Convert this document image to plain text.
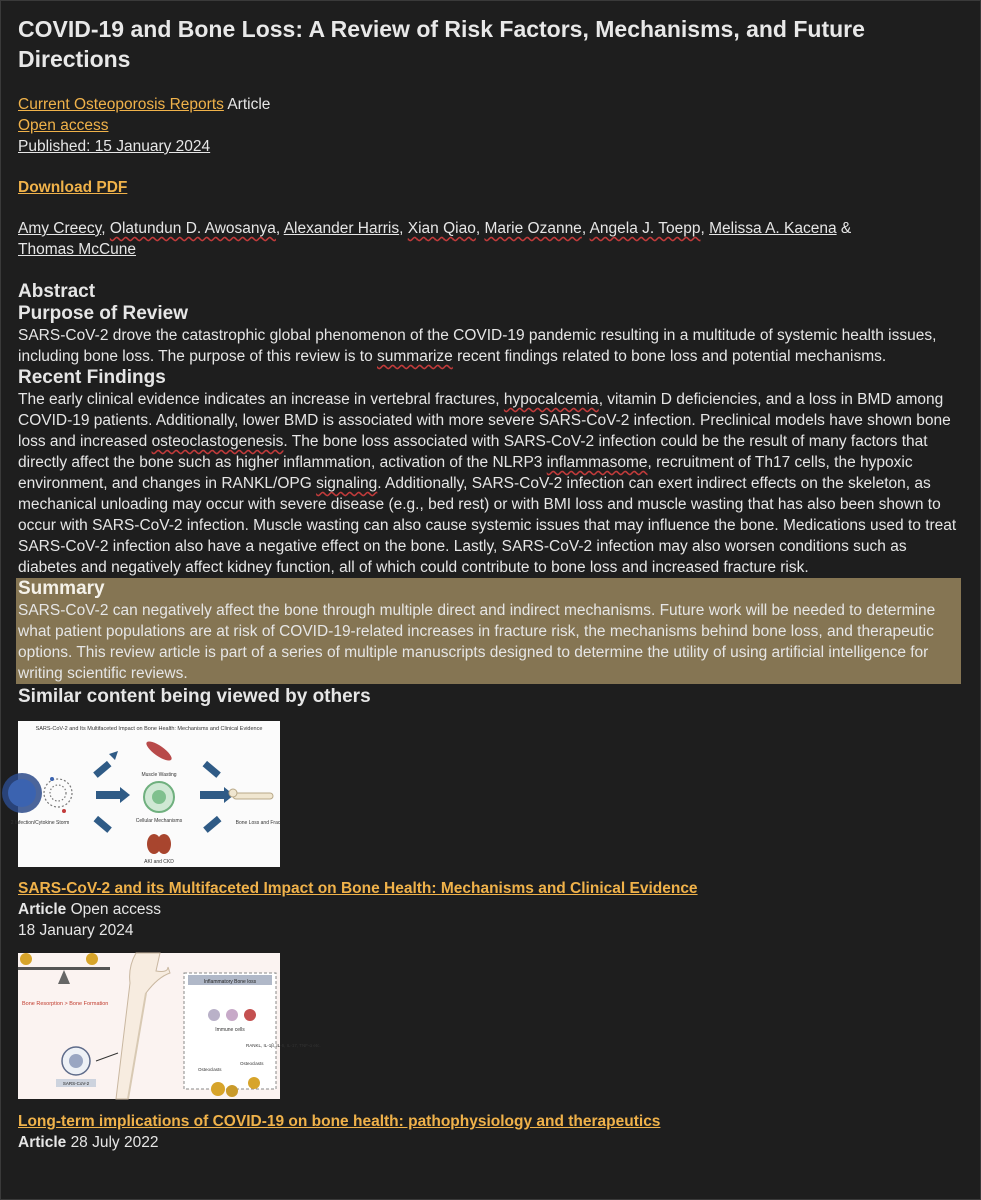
COVID-19 and Bone Loss: A Review of Risk Factors, Mechanisms, and Future Directions
Current Osteoporosis Reports Article
Open access
Published: 15 January 2024
Download PDF
Amy Creecy, Olatundun D. Awosanya, Alexander Harris, Xian Qiao, Marie Ozanne, Angela J. Toepp, Melissa A. Kacena &
Thomas McCune
Abstract
Purpose of Review

SARS-CoV-2 drove the catastrophic global phenomenon of the COVID-19 pandemic resulting in a multitude of systemic health issues, including bone loss. The purpose of this review is to summarize recent findings related to bone loss and potential mechanisms.

Recent Findings

The early clinical evidence indicates an increase in vertebral fractures, hypocalcemia, vitamin D deficiencies, and a loss in BMD among COVID-19 patients. Additionally, lower BMD is associated with more severe SARS-CoV-2 infection. Preclinical models have shown bone loss and increased osteoclastogenesis. The bone loss associated with SARS-CoV-2 infection could be the result of many factors that directly affect the bone such as higher inflammation, activation of the NLRP3 inflammasome, recruitment of Th17 cells, the hypoxic environment, and changes in RANKL/OPG signaling. Additionally, SARS-CoV-2 infection can exert indirect effects on the skeleton, as mechanical unloading may occur with severe disease (e.g., bed rest) or with BMI loss and muscle wasting that has also been shown to occur with SARS-CoV-2 infection. Muscle wasting can also cause systemic issues that may influence the bone. Medications used to treat SARS-CoV-2 infection also have a negative effect on the bone. Lastly, SARS-CoV-2 infection may also worsen conditions such as diabetes and negatively affect kidney function, all of which could contribute to bone loss and increased fracture risk.

Summary

SARS-CoV-2 can negatively affect the bone through multiple direct and indirect mechanisms. Future work will be needed to determine what patient populations are at risk of COVID-19-related increases in fracture risk, the mechanisms behind bone loss, and therapeutic options. This review article is part of a series of multiple manuscripts designed to determine the utility of using artificial intelligence for writing scientific reviews.

Similar content being viewed by others
SARS-CoV-2 and Its Multifaceted Impact on Bone Health: Mechanisms and Clinical Evidence
Muscle Wasting
Cellular Mechanisms	Bone Loss and Frac
2 Infection/Cytokine Storm
AKI and CKD
SARS-CoV-2 and its Multifaceted Impact on Bone Health: Mechanisms and Clinical Evidence
Article Open access
18 January 2024
Bone Resorption > Bone Formation
Inflammatory Bone loss
Immune cells
RANKL, IL-1β, IL-6, IL-17, TNF-α etc.
Osteoclasts
Osteoclasts
SARS-CoV-2
Long-term implications of COVID-19 on bone health: pathophysiology and therapeutics
Article 28 July 2022
